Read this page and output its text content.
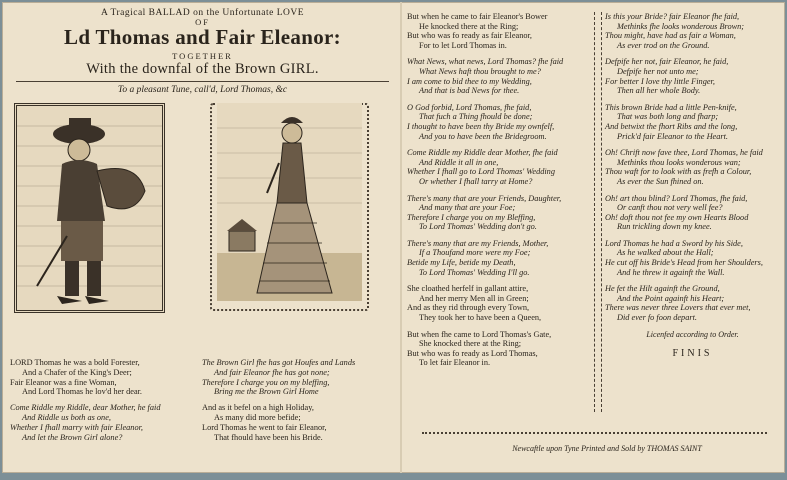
A Tragical BALLAD on the Unfortunate LOVE
OF
Ld Thomas and Fair Eleanor:
TOGETHER
With the downfal of the Brown GIRL.
To a pleasant Tune, call'd, Lord Thomas, &c
LORD Thomas he was a bold Forester,
And a Chafer of the King's Deer;
Fair Eleanor was a fine Woman,
And Lord Thomas he lov'd her dear.
Come Riddle my Riddle, dear Mother, he faid
And Riddle us both as one,
Whether I fhall marry with fair Eleanor,
And let the Brown Girl alone?
The Brown Girl fhe has got Houfes and Lands
And fair Eleanor fhe has got none;
Therefore I charge you on my bleffing,
Bring me the Brown Girl Home
And as it befel on a high Holiday,
As many did more befide;
Lord Thomas he went to fair Eleanor,
That fhould have been his Bride.
But when he came to fair Eleanor's Bower
He knocked there at the Ring;
But who was fo ready as fair Eleanor,
For to let Lord Thomas in.
What News, what news, Lord Thomas? fhe faid
What News haft thou brought to me?
I am come to bid thee to my Wedding,
And that is bad News for thee.
O God forbid, Lord Thomas, fhe faid,
That fuch a Thing fhould be done;
I thought to have been thy Bride my ownfelf,
And you to have been the Bridegroom.
Come Riddle my Riddle dear Mother, fhe faid
And Riddle it all in one,
Whether I fhall go to Lord Thomas' Wedding
Or whether I fhall tarry at Home?
There's many that are your Friends, Daughter,
And many that are your Foe;
Therefore I charge you on my Bleffing,
To Lord Thomas' Wedding don't go.
There's many that are my Friends, Mother,
If a Thoufand more were my Foe;
Betide my Life, betide my Death,
To Lord Thomas' Wedding I'll go.
She cloathed herfelf in gallant attire,
And her merry Men all in Green;
And as they rid through every Town,
They took her to have been a Queen,
But when fhe came to Lord Thomas's Gate,
She knocked there at the Ring;
But who was fo ready as Lord Thomas,
To let fair Eleanor in.
Is this your Bride? fair Eleanor fhe faid,
Methinks fhe looks wonderous Brown;
Thou might, have had as fair a Woman,
As ever trod on the Ground.
Defpife her not, fair Eleanor, he faid,
Defpife her not unto me;
For better I love thy little Finger,
Then all her whole Body.
This brown Bride had a little Pen-knife,
That was both long and fharp;
And betwixt the fhort Ribs and the long,
Prick'd fair Eleanor to the Heart.
Oh! Chrift now fave thee, Lord Thomas, he faid
Methinks thou looks wonderous wan;
Thou waft for to look with as frefh a Colour,
As ever the Sun fhined on.
Oh! art thou blind? Lord Thomas, fhe faid,
Or canft thou not very well fee?
Oh! doft thou not fee my own Hearts Blood
Run trickling down my knee.
Lord Thomas he had a Sword by his Side,
As he walked about the Hall;
He cut off his Bride's Head from her Shoulders,
And he threw it againft the Wall.
He fet the Hilt againft the Ground,
And the Point againft his Heart;
There was never three Lovers that ever met,
Did ever fo foon depart.
Licenfed according to Order.
FINIS
Newcaftle upon Tyne Printed and Sold by THOMAS SAINT
